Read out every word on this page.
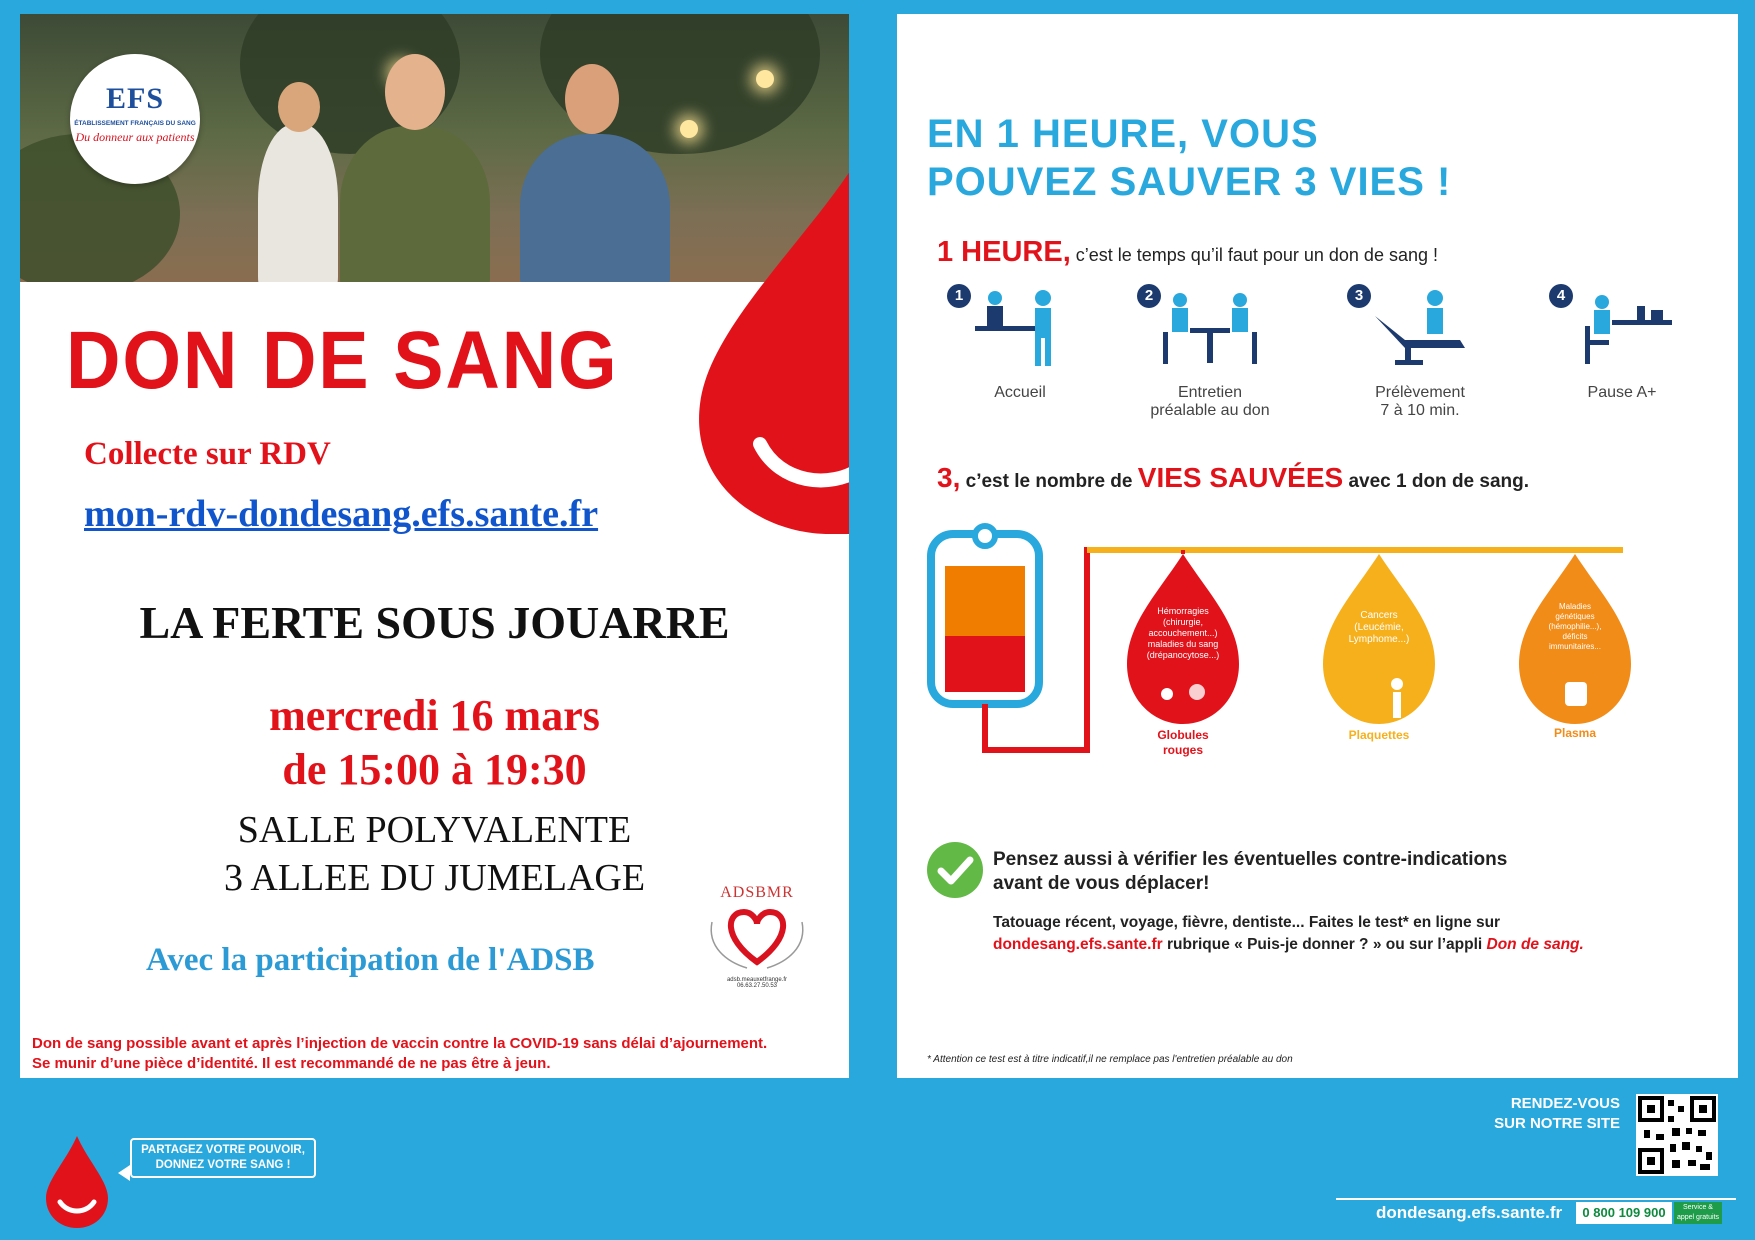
EFS
ÉTABLISSEMENT FRANÇAIS DU SANG
Du donneur aux patients
DON DE SANG
Collecte sur RDV
mon-rdv-dondesang.efs.sante.fr
LA FERTE SOUS JOUARRE
mercredi 16 mars
de 15:00 à 19:30
SALLE POLYVALENTE
3 ALLEE DU JUMELAGE
Avec la participation de l'ADSB
ADSBMR
adsb.meauxetfrange.fr
06.63.27.50.53
Don de sang possible avant et après l’injection de vaccin contre la COVID-19 sans délai d’ajournement.
Se munir d’une pièce d’identité. Il est recommandé de ne pas être à jeun.
EN 1 HEURE, VOUS
POUVEZ SAUVER 3 VIES !
1 HEURE, c’est le temps qu’il faut pour un don de sang !
1
Accueil

2
Entretien
préalable au don
3
Prélèvement
7 à 10 min.
4
Pause A+

3, c’est le nombre de VIES SAUVÉES avec 1 don de sang.
Hémorragies
(chirurgie,
accouchement...)
maladies du sang
(drépanocytose...)
Cancers
(Leucémie,
Lymphome...)
Maladies
génétiques
(hémophilie...),
déficits
immunitaires...
Globules
rouges
Plaquettes	Plasma
Pensez aussi à vérifier les éventuelles contre-indications
avant de vous déplacer!
Tatouage récent, voyage, fièvre, dentiste... Faites le test* en ligne sur
dondesang.efs.sante.fr rubrique « Puis-je donner ? » ou sur l’appli Don de sang.
* Attention ce test est à titre indicatif,il ne remplace pas l'entretien préalable au don
PARTAGEZ VOTRE POUVOIR,
DONNEZ VOTRE SANG !
RENDEZ-VOUS
SUR NOTRE SITE
dondesang.efs.sante.fr	0 800 109 900	Service & appel gratuits
